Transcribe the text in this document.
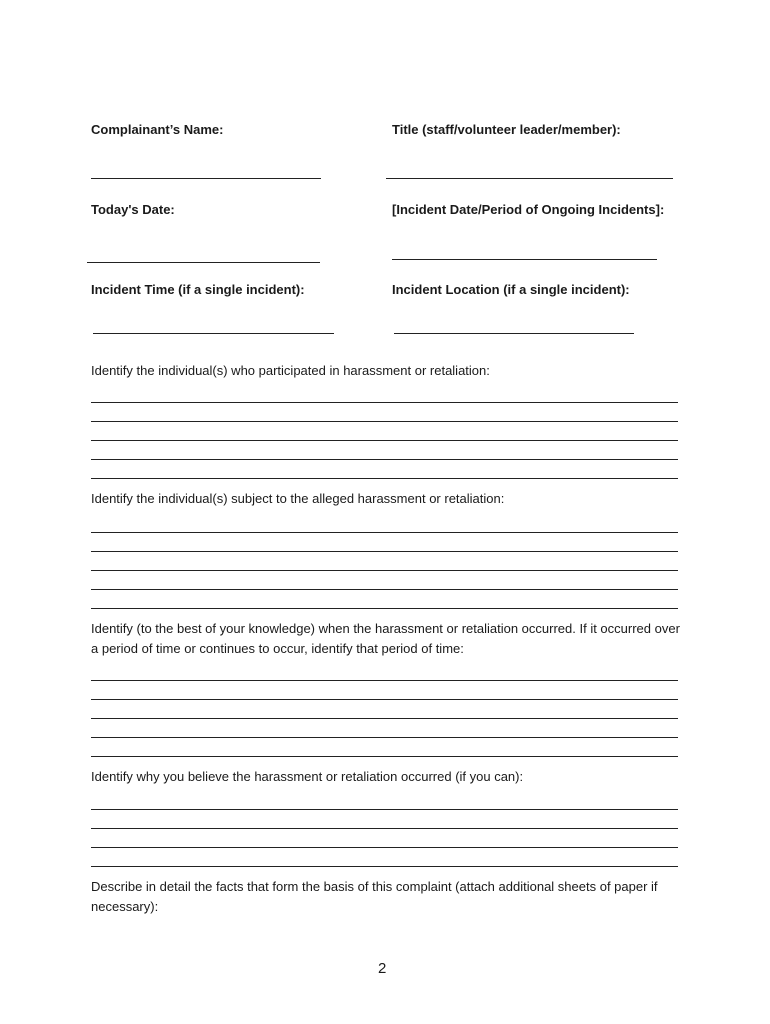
Complainant’s Name:	Title (staff/volunteer leader/member):
Today's Date:	[Incident Date/Period of Ongoing Incidents]:
Incident Time (if a single incident):	Incident Location (if a single incident):
Identify the individual(s) who participated in harassment or retaliation:
Identify the individual(s) subject to the alleged harassment or retaliation:
Identify (to the best of your knowledge) when the harassment or retaliation occurred. If it occurred over a period of time or continues to occur, identify that period of time:
Identify why you believe the harassment or retaliation occurred (if you can):
Describe in detail the facts that form the basis of this complaint (attach additional sheets of paper if necessary):
2
